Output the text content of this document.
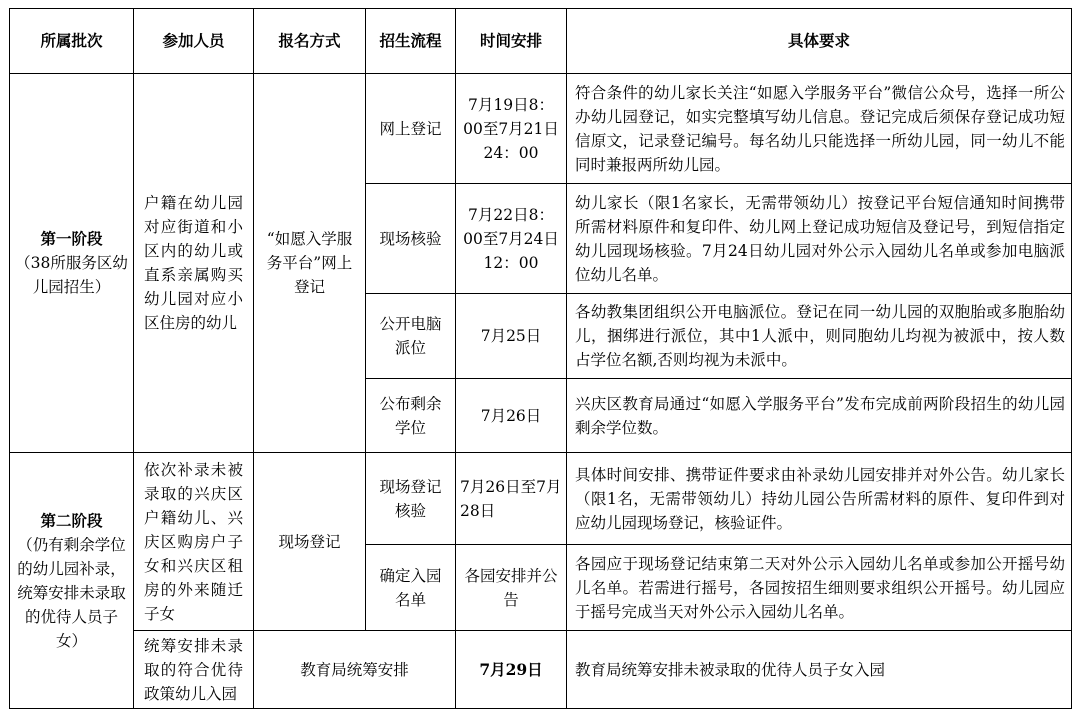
所属批次	参加人员	报名方式	招生流程	时间安排	具体要求

第一阶段
（38所服务区幼儿园招生）	户籍在幼儿园对应街道和小区内的幼儿或直系亲属购买幼儿园对应小区住房的幼儿	“如愿入学服务平台”网上登记	网上登记	7月19日8：00至7月21日24：00	符合条件的幼儿家长关注“如愿入学服务平台”微信公众号，选择一所公办幼儿园登记，如实完整填写幼儿信息。登记完成后须保存登记成功短信原文，记录登记编号。每名幼儿只能选择一所幼儿园，同一幼儿不能同时兼报两所幼儿园。
			现场核验	7月22日8：00至7月24日12：00	幼儿家长（限1名家长，无需带领幼儿）按登记平台短信通知时间携带所需材料原件和复印件、幼儿网上登记成功短信及登记号，到短信指定幼儿园现场核验。7月24日幼儿园对外公示入园幼儿名单或参加电脑派位幼儿名单。
			公开电脑派位	7月25日	各幼教集团组织公开电脑派位。登记在同一幼儿园的双胞胎或多胞胎幼儿，捆绑进行派位，其中1人派中，则同胞幼儿均视为被派中，按人数占学位名额,否则均视为未派中。
			公布剩余学位	7月26日	兴庆区教育局通过“如愿入学服务平台”发布完成前两阶段招生的幼儿园剩余学位数。

第二阶段
（仍有剩余学位的幼儿园补录，统筹安排未录取的优待人员子女）	依次补录未被录取的兴庆区户籍幼儿、兴庆区购房户子女和兴庆区租房的外来随迁子女	现场登记	现场登记核验	7月26日至7月28日	具体时间安排、携带证件要求由补录幼儿园安排并对外公告。幼儿家长（限1名，无需带领幼儿）持幼儿园公告所需材料的原件、复印件到对应幼儿园现场登记，核验证件。
			确定入园名单	各园安排并公告	各园应于现场登记结束第二天对外公示入园幼儿名单或参加公开摇号幼儿名单。若需进行摇号，各园按招生细则要求组织公开摇号。幼儿园应于摇号完成当天对外公示入园幼儿名单。
	统筹安排未录取的符合优待政策幼儿入园	教育局统筹安排		7月29日	教育局统筹安排未被录取的优待人员子女入园
